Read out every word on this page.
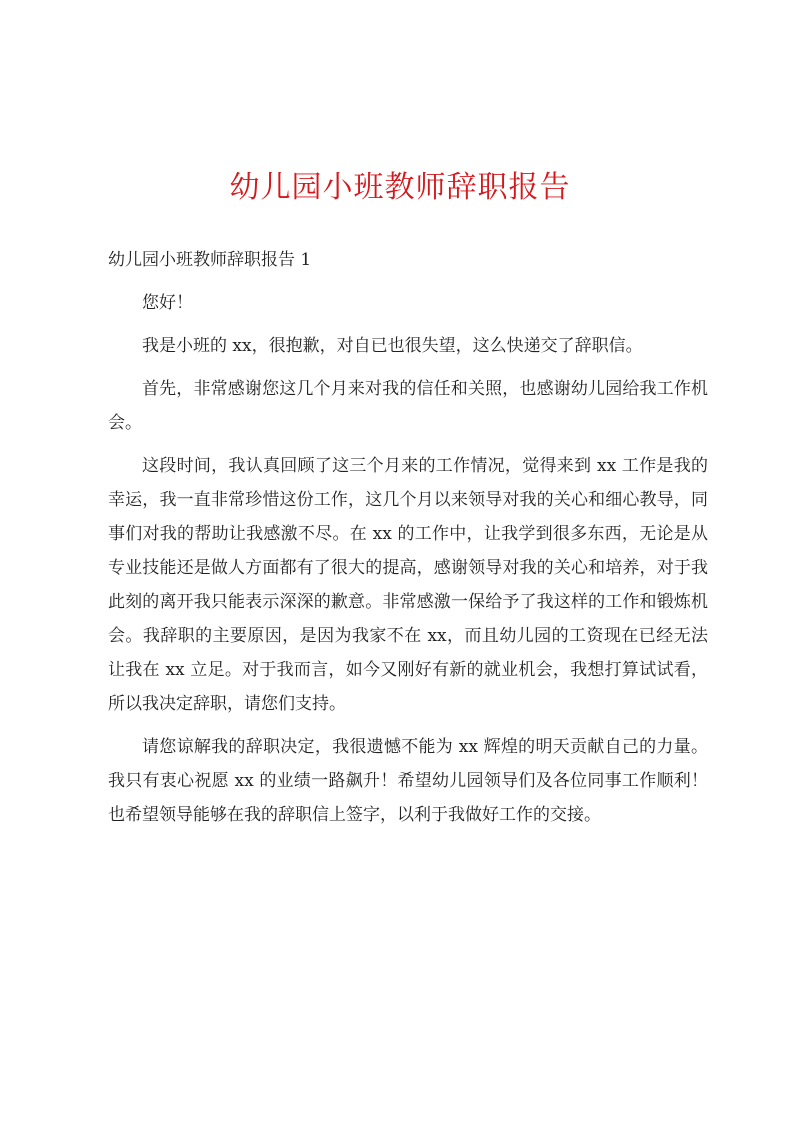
幼儿园小班教师辞职报告

幼儿园小班教师辞职报告 1

您好！

我是小班的 xx，很抱歉，对自已也很失望，这么快递交了辞职信。

首先，非常感谢您这几个月来对我的信任和关照，也感谢幼儿园给我工作机会。

这段时间，我认真回顾了这三个月来的工作情况，觉得来到 xx 工作是我的幸运，我一直非常珍惜这份工作，这几个月以来领导对我的关心和细心教导，同事们对我的帮助让我感激不尽。在 xx 的工作中，让我学到很多东西，无论是从专业技能还是做人方面都有了很大的提高，感谢领导对我的关心和培养，对于我此刻的离开我只能表示深深的歉意。非常感激一保给予了我这样的工作和锻炼机会。我辞职的主要原因，是因为我家不在 xx，而且幼儿园的工资现在已经无法让我在 xx 立足。对于我而言，如今又刚好有新的就业机会，我想打算试试看，所以我决定辞职，请您们支持。

请您谅解我的辞职决定，我很遗憾不能为 xx 辉煌的明天贡献自己的力量。我只有衷心祝愿 xx 的业绩一路飙升！希望幼儿园领导们及各位同事工作顺利！也希望领导能够在我的辞职信上签字，以利于我做好工作的交接。
